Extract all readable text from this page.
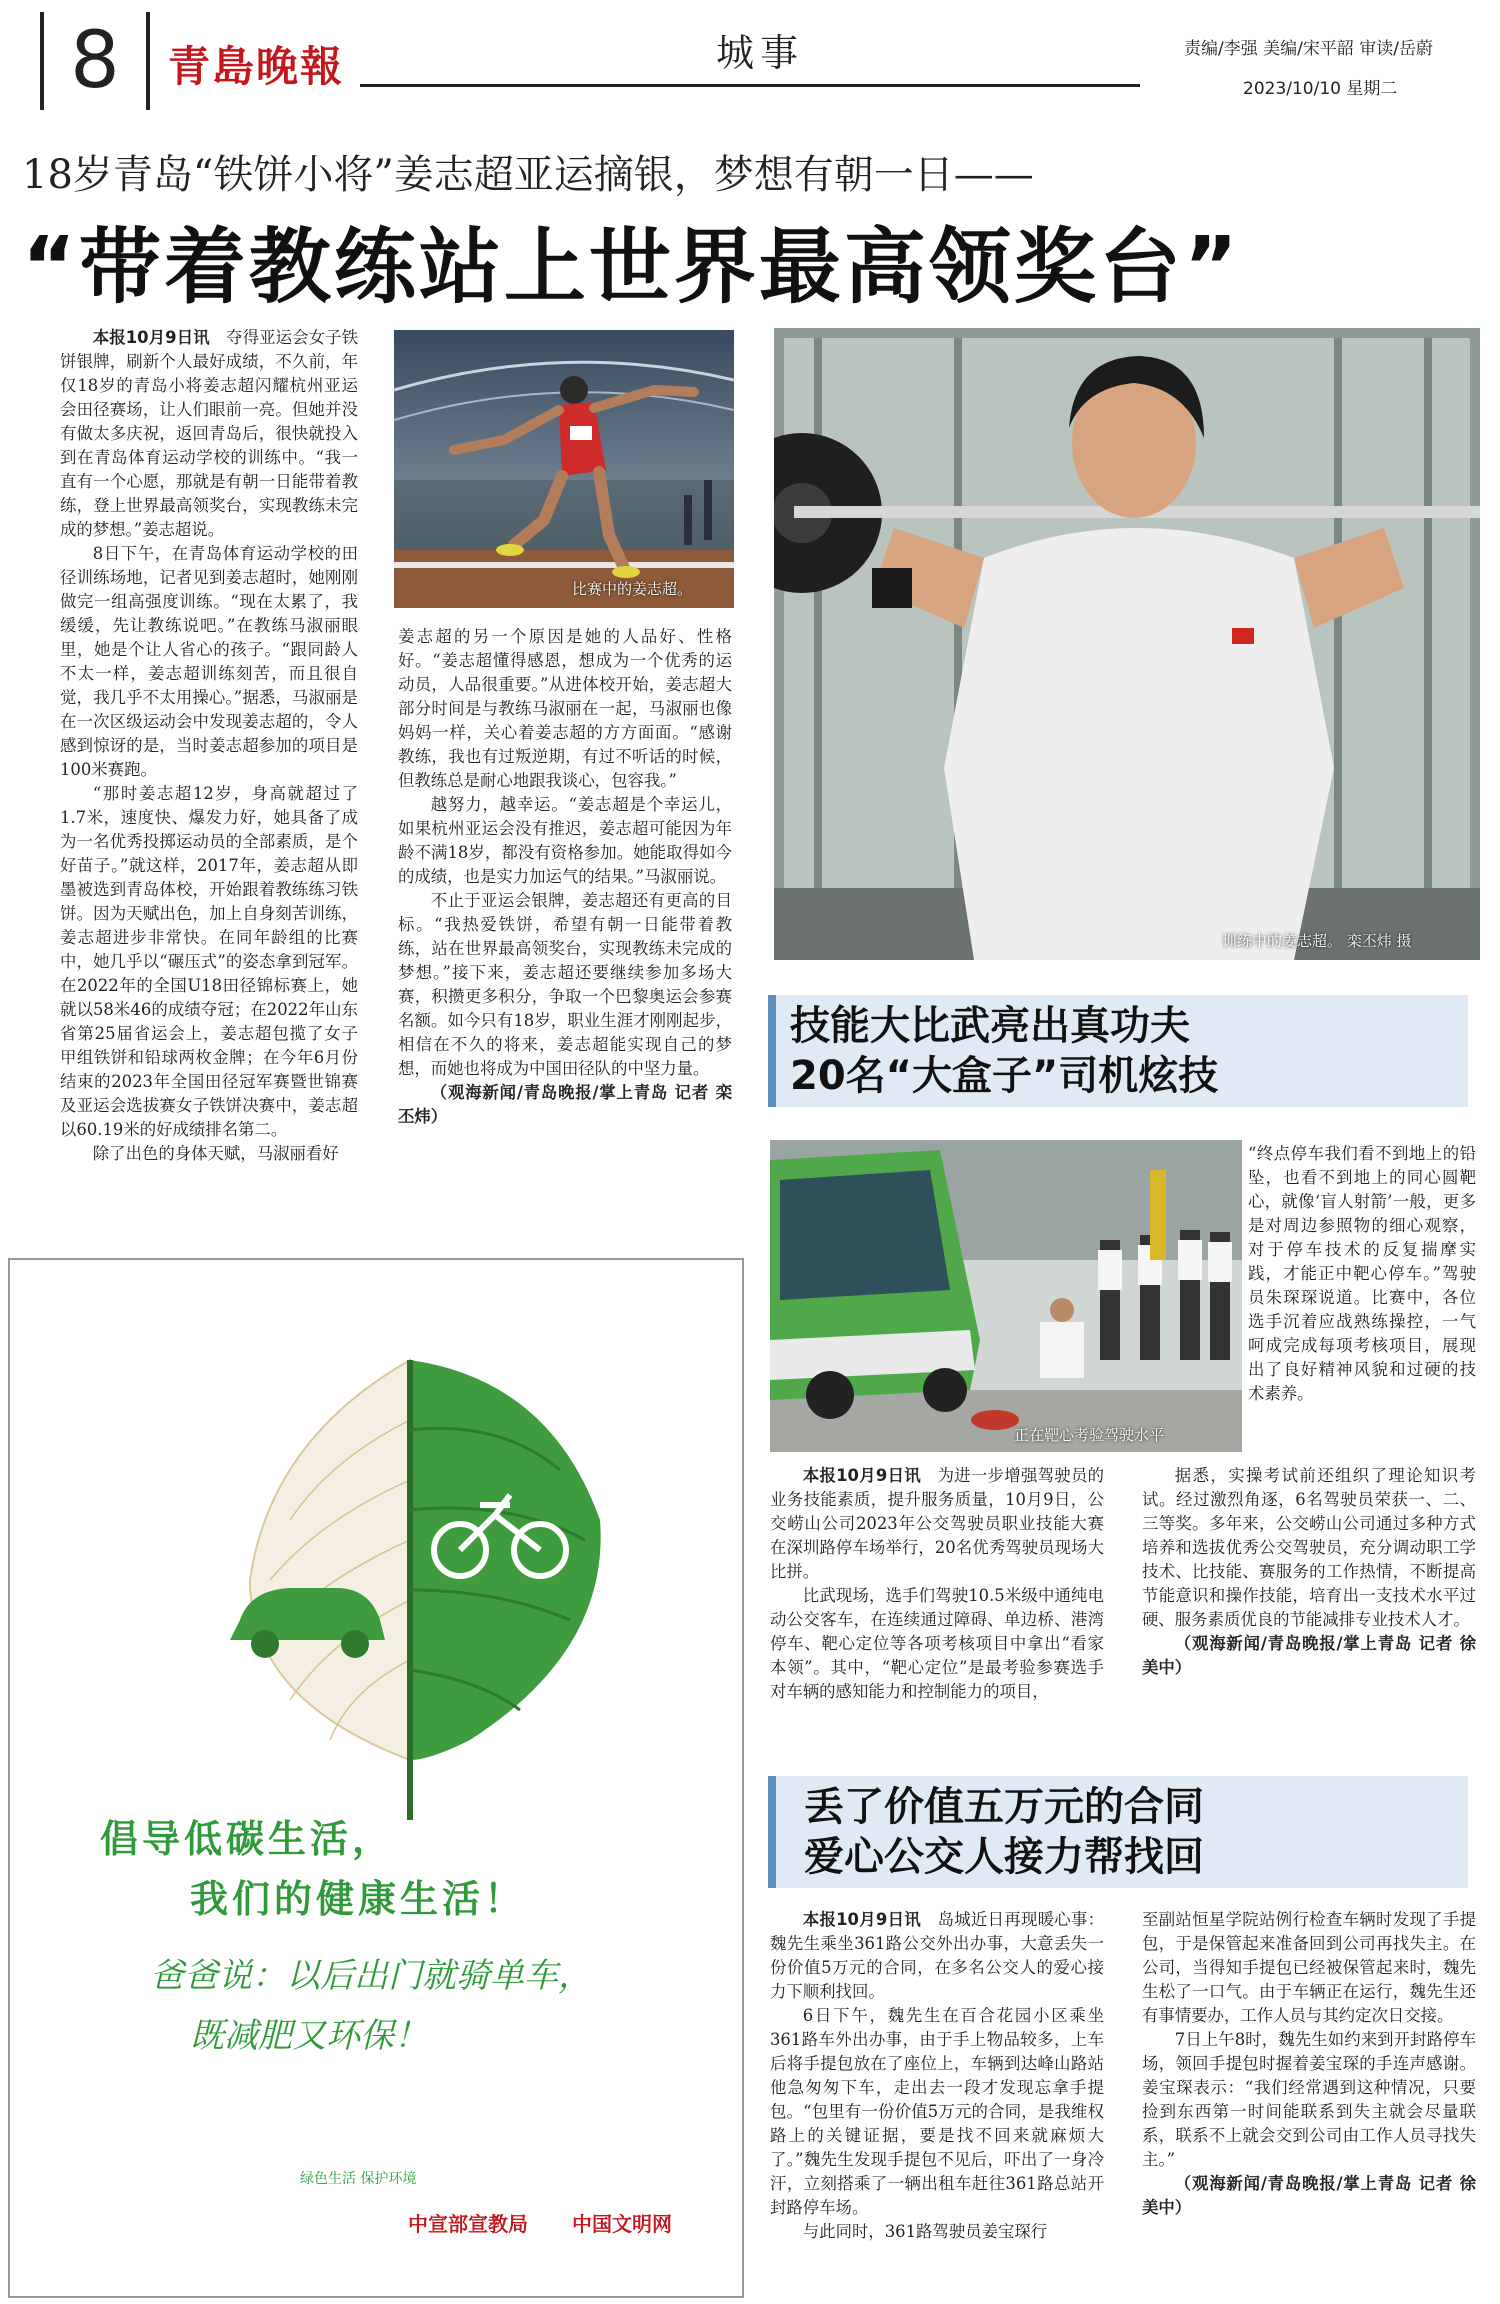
8	青島晚報	城事	责编/李强 美编/宋平韶 审读/岳蔚
2023/10/10 星期二
18岁青岛“铁饼小将”姜志超亚运摘银，梦想有朝一日——
“带着教练站上世界最高领奖台”

本报10月9日讯　 夺得亚运会女子铁饼银牌，刷新个人最好成绩，不久前，年仅18岁的青岛小将姜志超闪耀杭州亚运会田径赛场，让人们眼前一亮。但她并没有做太多庆祝，返回青岛后，很快就投入到在青岛体育运动学校的训练中。“我一直有一个心愿，那就是有朝一日能带着教练，登上世界最高领奖台，实现教练未完成的梦想。”姜志超说。

8日下午，在青岛体育运动学校的田径训练场地，记者见到姜志超时，她刚刚做完一组高强度训练。“现在太累了，我缓缓，先让教练说吧。”在教练马淑丽眼里，她是个让人省心的孩子。“跟同龄人不太一样，姜志超训练刻苦，而且很自觉，我几乎不太用操心。”据悉，马淑丽是在一次区级运动会中发现姜志超的，令人感到惊讶的是，当时姜志超参加的项目是100米赛跑。

“那时姜志超12岁，身高就超过了1.7米，速度快、爆发力好，她具备了成为一名优秀投掷运动员的全部素质，是个好苗子。”就这样，2017年，姜志超从即墨被选到青岛体校，开始跟着教练练习铁饼。因为天赋出色，加上自身刻苦训练，姜志超进步非常快。在同年龄组的比赛中，她几乎以“碾压式”的姿态拿到冠军。在2022年的全国U18田径锦标赛上，她就以58米46的成绩夺冠；在2022年山东省第25届省运会上，姜志超包揽了女子甲组铁饼和铅球两枚金牌；在今年6月份结束的2023年全国田径冠军赛暨世锦赛及亚运会选拔赛女子铁饼决赛中，姜志超以60.19米的好成绩排名第二。

除了出色的身体天赋，马淑丽看好

比赛中的姜志超。

姜志超的另一个原因是她的人品好、性格好。“姜志超懂得感恩，想成为一个优秀的运动员，人品很重要。”从进体校开始，姜志超大部分时间是与教练马淑丽在一起，马淑丽也像妈妈一样，关心着姜志超的方方面面。“感谢教练，我也有过叛逆期，有过不听话的时候，但教练总是耐心地跟我谈心，包容我。”

越努力，越幸运。“姜志超是个幸运儿，如果杭州亚运会没有推迟，姜志超可能因为年龄不满18岁，都没有资格参加。她能取得如今的成绩，也是实力加运气的结果。”马淑丽说。

不止于亚运会银牌，姜志超还有更高的目标。“我热爱铁饼，希望有朝一日能带着教练，站在世界最高领奖台，实现教练未完成的梦想。”接下来，姜志超还要继续参加多场大赛，积攒更多积分，争取一个巴黎奥运会参赛名额。如今只有18岁，职业生涯才刚刚起步，相信在不久的将来，姜志超能实现自己的梦想，而她也将成为中国田径队的中坚力量。

（观海新闻/青岛晚报/掌上青岛 记者 栾丕炜）

训练中的姜志超。 栾丕炜 摄
技能大比武亮出真功夫
20名“大盒子”司机炫技
正在靶心考验驾驶水平

“终点停车我们看不到地上的铅坠，也看不到地上的同心圆靶心，就像‘盲人射箭’一般，更多是对周边参照物的细心观察，对于停车技术的反复揣摩实践，才能正中靶心停车。”驾驶员朱琛琛说道。比赛中，各位选手沉着应战熟练操控，一气呵成完成每项考核项目，展现出了良好精神风貌和过硬的技术素养。

本报10月9日讯　 为进一步增强驾驶员的业务技能素质，提升服务质量，10月9日，公交崂山公司2023年公交驾驶员职业技能大赛在深圳路停车场举行，20名优秀驾驶员现场大比拼。

比武现场，选手们驾驶10.5米级中通纯电动公交客车，在连续通过障碍、单边桥、港湾停车、靶心定位等各项考核项目中拿出“看家本领”。其中，“靶心定位”是最考验参赛选手对车辆的感知能力和控制能力的项目，

据悉，实操考试前还组织了理论知识考试。经过激烈角逐，6名驾驶员荣获一、二、三等奖。多年来，公交崂山公司通过多种方式培养和选拔优秀公交驾驶员，充分调动职工学技术、比技能、赛服务的工作热情，不断提高节能意识和操作技能，培育出一支技术水平过硬、服务素质优良的节能减排专业技术人才。

（观海新闻/青岛晚报/掌上青岛 记者 徐美中）

丢了价值五万元的合同
爱心公交人接力帮找回

本报10月9日讯　 岛城近日再现暖心事：魏先生乘坐361路公交外出办事，大意丢失一份价值5万元的合同，在多名公交人的爱心接力下顺利找回。

6日下午，魏先生在百合花园小区乘坐361路车外出办事，由于手上物品较多，上车后将手提包放在了座位上，车辆到达峰山路站他急匆匆下车，走出去一段才发现忘拿手提包。“包里有一份价值5万元的合同，是我维权路上的关键证据，要是找不回来就麻烦大了。”魏先生发现手提包不见后，吓出了一身冷汗，立刻搭乘了一辆出租车赶往361路总站开封路停车场。

与此同时，361路驾驶员姜宝琛行

至副站恒星学院站例行检查车辆时发现了手提包，于是保管起来准备回到公司再找失主。在公司，当得知手提包已经被保管起来时，魏先生松了一口气。由于车辆正在运行，魏先生还有事情要办，工作人员与其约定次日交接。

7日上午8时，魏先生如约来到开封路停车场，领回手提包时握着姜宝琛的手连声感谢。姜宝琛表示：“我们经常遇到这种情况，只要捡到东西第一时间能联系到失主就会尽量联系，联系不上就会交到公司由工作人员寻找失主。”

（观海新闻/青岛晚报/掌上青岛 记者 徐美中）

倡导低碳生活，
我们的健康生活！
爸爸说：以后出门就骑单车，
既减肥又环保！
绿色生活 保护环境
中宣部宣教局 中国文明网
